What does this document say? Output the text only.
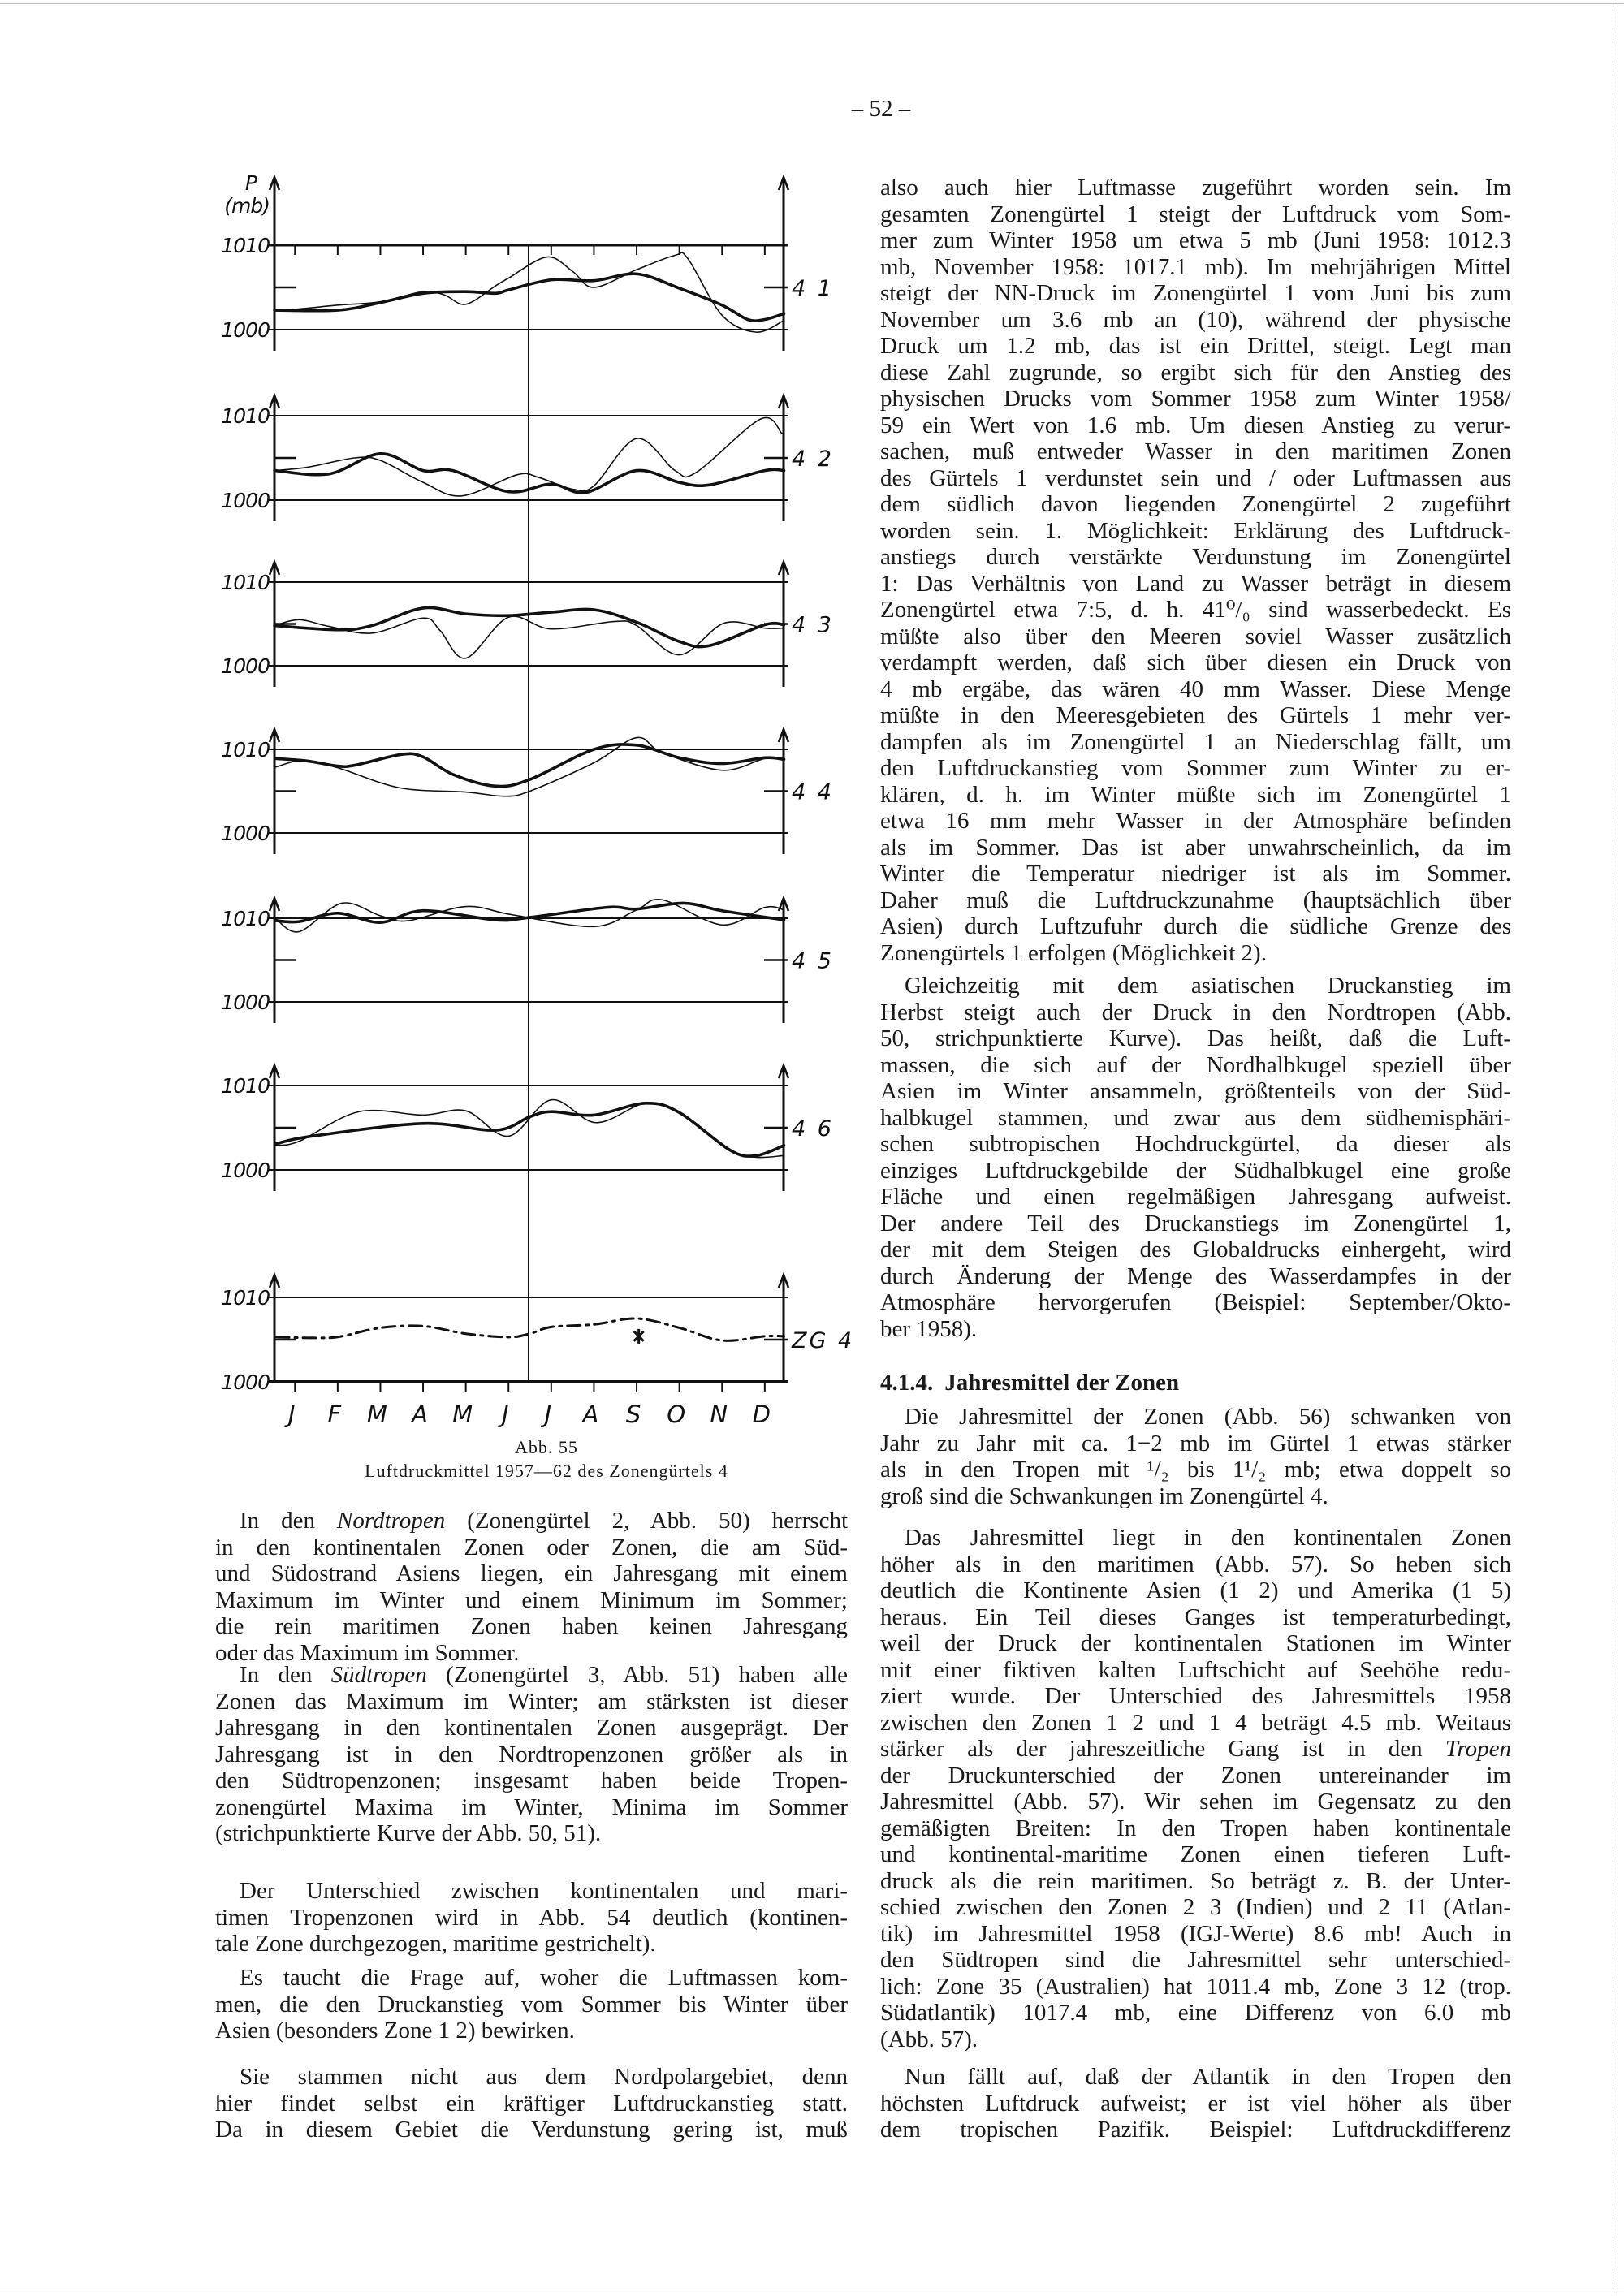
– 52 –
1010
1000
4 1
P
(mb)
1010
1000
4 2
1010
1000
4 3
1010
1000
4 4
1010
1000
4 5
1010
1000
4 6
1010
1000
ZG 4
J F M A M J J A S O N D
Abb. 55
Luftdruckmittel 1957—62 des Zonengürtels 4
In den Nordtropen (Zonengürtel 2, Abb. 50) herrscht
in den kontinentalen Zonen oder Zonen, die am Süd-
und Südostrand Asiens liegen, ein Jahresgang mit einem
Maximum im Winter und einem Minimum im Sommer;
die rein maritimen Zonen haben keinen Jahresgang
oder das Maximum im Sommer.
In den Südtropen (Zonengürtel 3, Abb. 51) haben alle
Zonen das Maximum im Winter; am stärksten ist dieser
Jahresgang in den kontinentalen Zonen ausgeprägt. Der
Jahresgang ist in den Nordtropenzonen größer als in
den Südtropenzonen; insgesamt haben beide Tropen-
zonengürtel Maxima im Winter, Minima im Sommer
(strichpunktierte Kurve der Abb. 50, 51).
Der Unterschied zwischen kontinentalen und mari-
timen Tropenzonen wird in Abb. 54 deutlich (kontinen-
tale Zone durchgezogen, maritime gestrichelt).
Es taucht die Frage auf, woher die Luftmassen kom-
men, die den Druckanstieg vom Sommer bis Winter über
Asien (besonders Zone 1 2) bewirken.
Sie stammen nicht aus dem Nordpolargebiet, denn
hier findet selbst ein kräftiger Luftdruckanstieg statt.
Da in diesem Gebiet die Verdunstung gering ist, muß
also auch hier Luftmasse zugeführt worden sein. Im
gesamten Zonengürtel 1 steigt der Luftdruck vom Som-
mer zum Winter 1958 um etwa 5 mb (Juni 1958: 1012.3
mb, November 1958: 1017.1 mb). Im mehrjährigen Mittel
steigt der NN-Druck im Zonengürtel 1 vom Juni bis zum
November um 3.6 mb an (10), während der physische
Druck um 1.2 mb, das ist ein Drittel, steigt. Legt man
diese Zahl zugrunde, so ergibt sich für den Anstieg des
physischen Drucks vom Sommer 1958 zum Winter 1958/
59 ein Wert von 1.6 mb. Um diesen Anstieg zu verur-
sachen, muß entweder Wasser in den maritimen Zonen
des Gürtels 1 verdunstet sein und / oder Luftmassen aus
dem südlich davon liegenden Zonengürtel 2 zugeführt
worden sein. 1. Möglichkeit: Erklärung des Luftdruck-
anstiegs durch verstärkte Verdunstung im Zonengürtel
1: Das Verhältnis von Land zu Wasser beträgt in diesem
Zonengürtel etwa 7:5, d. h. 41⁰/₀ sind wasserbedeckt. Es
müßte also über den Meeren soviel Wasser zusätzlich
verdampft werden, daß sich über diesen ein Druck von
4 mb ergäbe, das wären 40 mm Wasser. Diese Menge
müßte in den Meeresgebieten des Gürtels 1 mehr ver-
dampfen als im Zonengürtel 1 an Niederschlag fällt, um
den Luftdruckanstieg vom Sommer zum Winter zu er-
klären, d. h. im Winter müßte sich im Zonengürtel 1
etwa 16 mm mehr Wasser in der Atmosphäre befinden
als im Sommer. Das ist aber unwahrscheinlich, da im
Winter die Temperatur niedriger ist als im Sommer.
Daher muß die Luftdruckzunahme (hauptsächlich über
Asien) durch Luftzufuhr durch die südliche Grenze des
Zonengürtels 1 erfolgen (Möglichkeit 2).
Gleichzeitig mit dem asiatischen Druckanstieg im
Herbst steigt auch der Druck in den Nordtropen (Abb.
50, strichpunktierte Kurve). Das heißt, daß die Luft-
massen, die sich auf der Nordhalbkugel speziell über
Asien im Winter ansammeln, größtenteils von der Süd-
halbkugel stammen, und zwar aus dem südhemisphäri-
schen subtropischen Hochdruckgürtel, da dieser als
einziges Luftdruckgebilde der Südhalbkugel eine große
Fläche und einen regelmäßigen Jahresgang aufweist.
Der andere Teil des Druckanstiegs im Zonengürtel 1,
der mit dem Steigen des Globaldrucks einhergeht, wird
durch Änderung der Menge des Wasserdampfes in der
Atmosphäre hervorgerufen (Beispiel: September/Okto-
ber 1958).
4.1.4. Jahresmittel der Zonen
Die Jahresmittel der Zonen (Abb. 56) schwanken von
Jahr zu Jahr mit ca. 1−2 mb im Gürtel 1 etwas stärker
als in den Tropen mit ¹/₂ bis 1¹/₂ mb; etwa doppelt so
groß sind die Schwankungen im Zonengürtel 4.
Das Jahresmittel liegt in den kontinentalen Zonen
höher als in den maritimen (Abb. 57). So heben sich
deutlich die Kontinente Asien (1 2) und Amerika (1 5)
heraus. Ein Teil dieses Ganges ist temperaturbedingt,
weil der Druck der kontinentalen Stationen im Winter
mit einer fiktiven kalten Luftschicht auf Seehöhe redu-
ziert wurde. Der Unterschied des Jahresmittels 1958
zwischen den Zonen 1 2 und 1 4 beträgt 4.5 mb. Weitaus
stärker als der jahreszeitliche Gang ist in den Tropen
der Druckunterschied der Zonen untereinander im
Jahresmittel (Abb. 57). Wir sehen im Gegensatz zu den
gemäßigten Breiten: In den Tropen haben kontinentale
und kontinental-maritime Zonen einen tieferen Luft-
druck als die rein maritimen. So beträgt z. B. der Unter-
schied zwischen den Zonen 2 3 (Indien) und 2 11 (Atlan-
tik) im Jahresmittel 1958 (IGJ-Werte) 8.6 mb! Auch in
den Südtropen sind die Jahresmittel sehr unterschied-
lich: Zone 35 (Australien) hat 1011.4 mb, Zone 3 12 (trop.
Südatlantik) 1017.4 mb, eine Differenz von 6.0 mb
(Abb. 57).
Nun fällt auf, daß der Atlantik in den Tropen den
höchsten Luftdruck aufweist; er ist viel höher als über
dem tropischen Pazifik. Beispiel: Luftdruckdifferenz
